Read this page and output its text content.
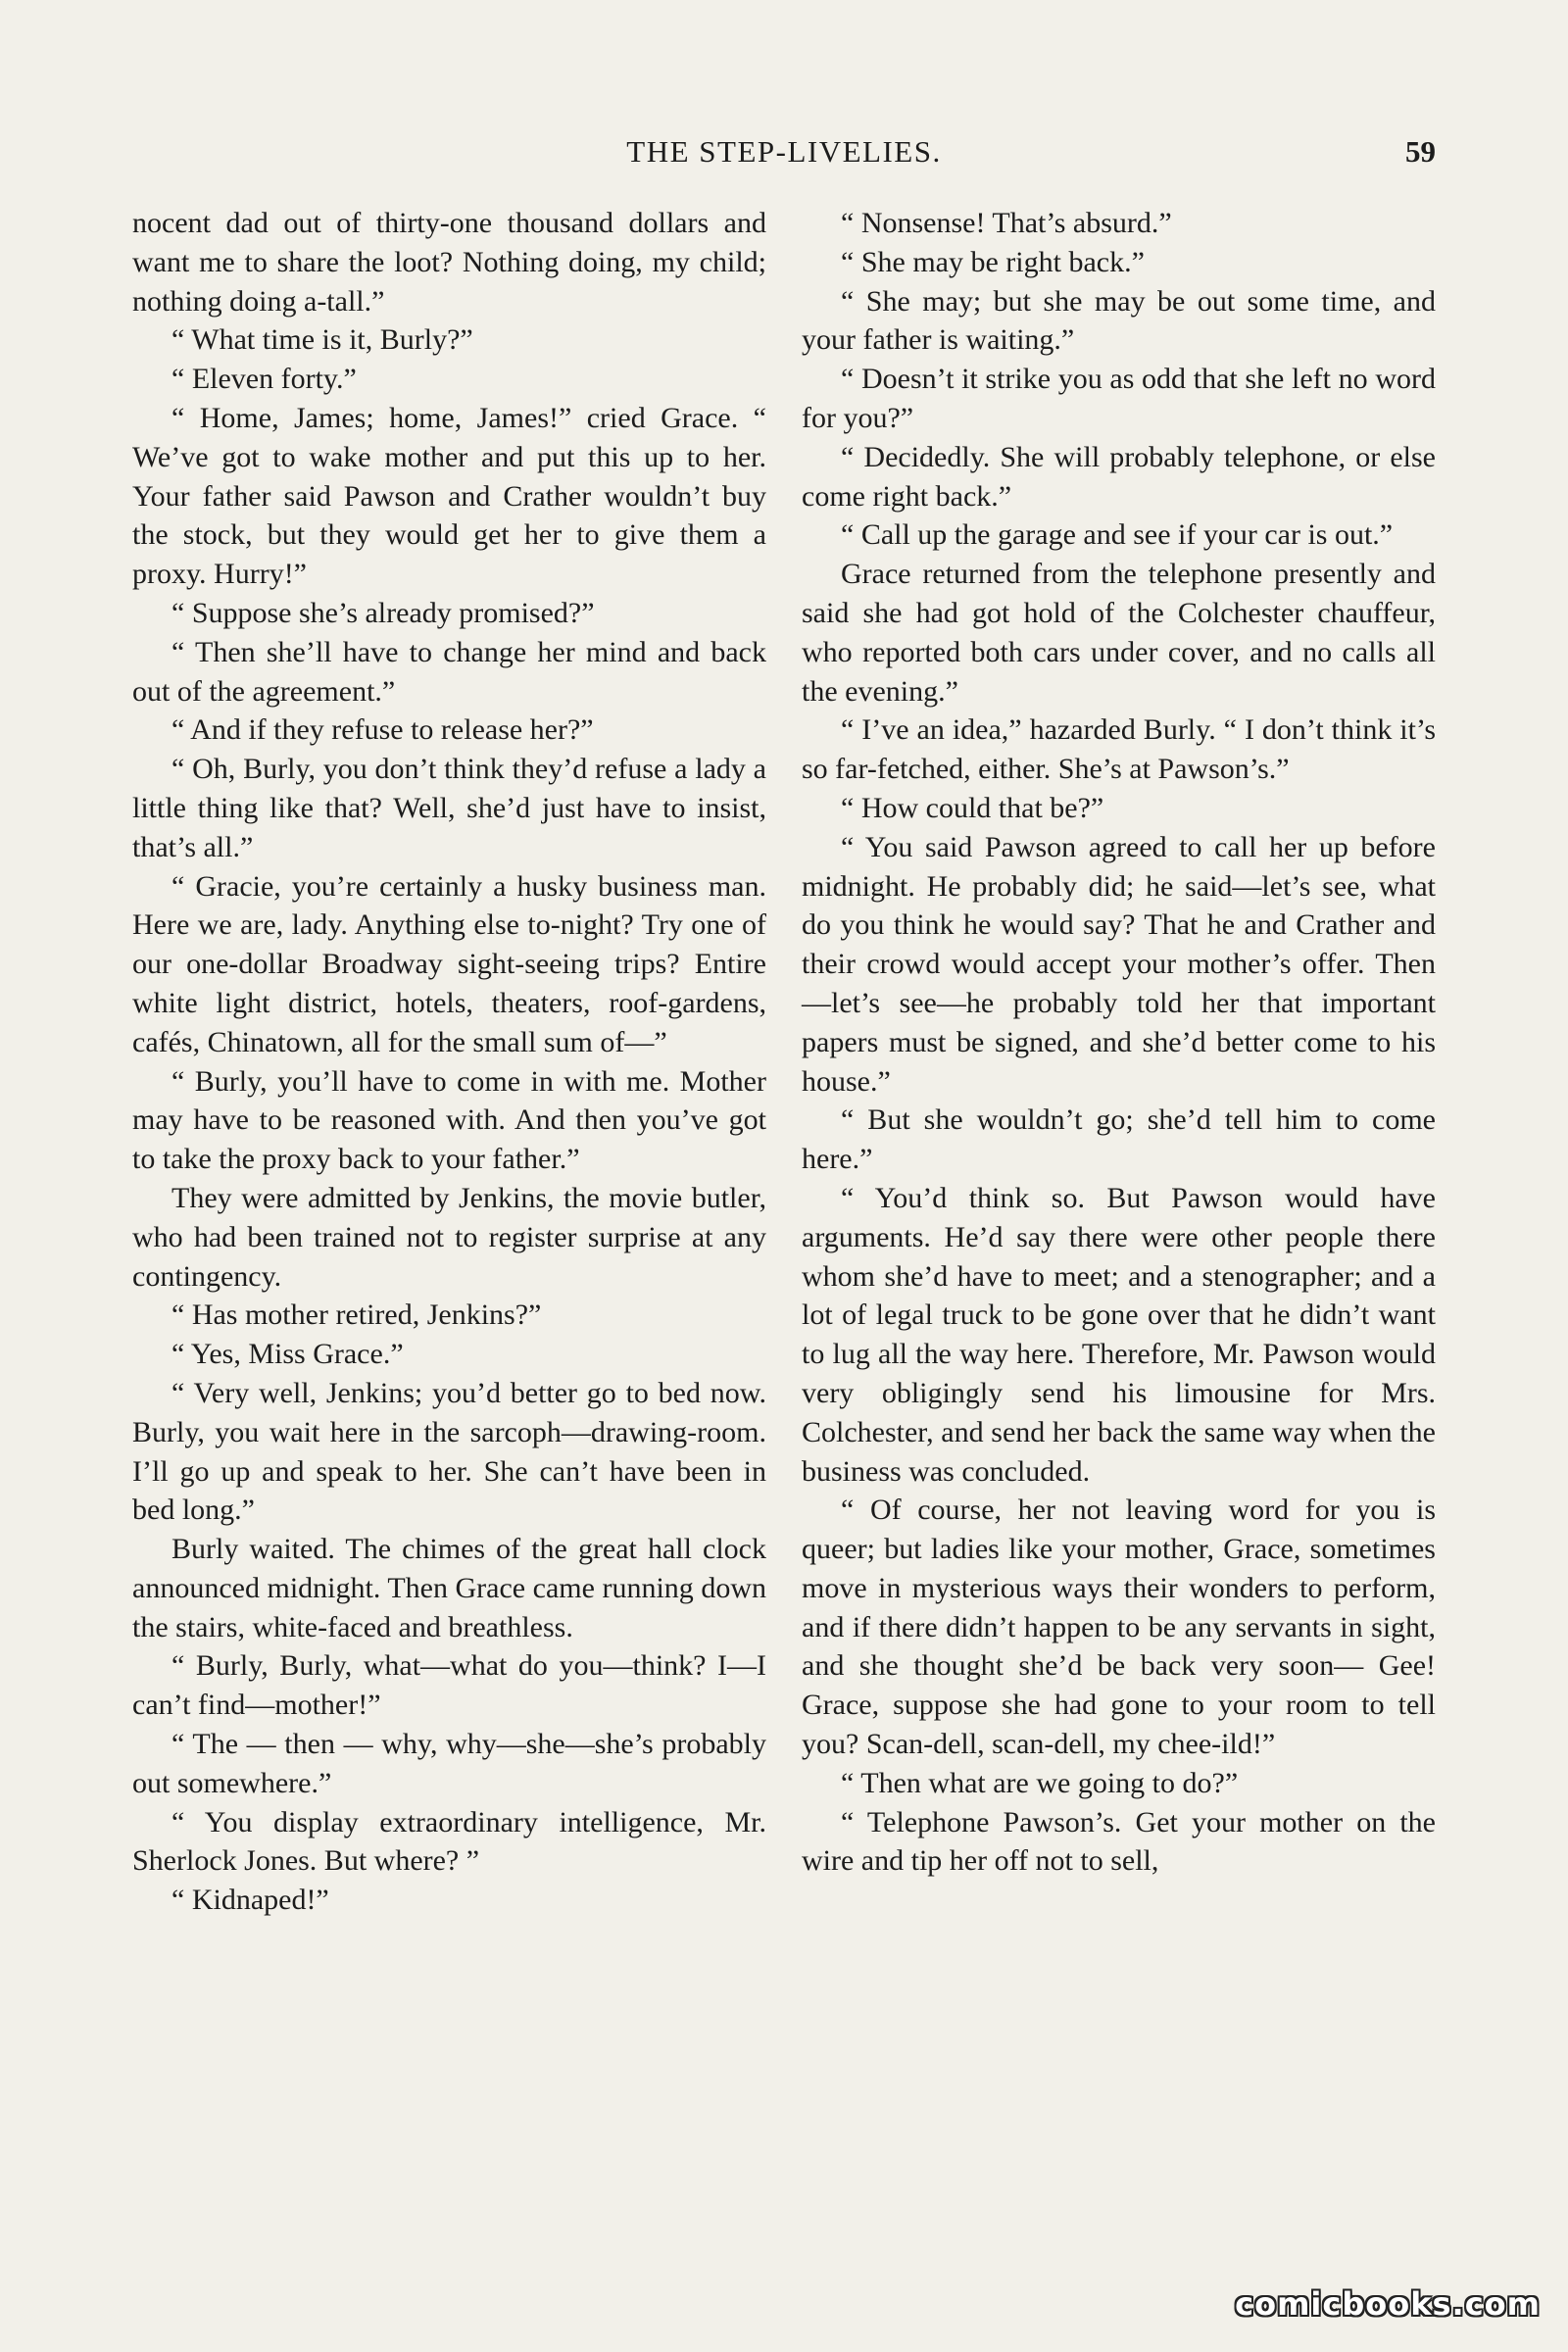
THE STEP-LIVELIES.	59

nocent dad out of thirty-one thousand dollars and want me to share the loot? Nothing doing, my child; nothing doing a-tall.”

“ What time is it, Burly?”

“ Eleven forty.”

“ Home, James; home, James!” cried Grace. “ We’ve got to wake mother and put this up to her. Your father said Pawson and Crather wouldn’t buy the stock, but they would get her to give them a proxy. Hurry!”

“ Suppose she’s already promised?”

“ Then she’ll have to change her mind and back out of the agreement.”

“ And if they refuse to release her?”

“ Oh, Burly, you don’t think they’d refuse a lady a little thing like that? Well, she’d just have to insist, that’s all.”

“ Gracie, you’re certainly a husky business man. Here we are, lady. Anything else to-night? Try one of our one-dollar Broadway sight-seeing trips? Entire white light district, hotels, theaters, roof-gardens, cafés, Chinatown, all for the small sum of—”

“ Burly, you’ll have to come in with me. Mother may have to be reasoned with. And then you’ve got to take the proxy back to your father.”

They were admitted by Jenkins, the movie butler, who had been trained not to register surprise at any contingency.

“ Has mother retired, Jenkins?”

“ Yes, Miss Grace.”

“ Very well, Jenkins; you’d better go to bed now. Burly, you wait here in the sarcoph—drawing-room. I’ll go up and speak to her. She can’t have been in bed long.”

Burly waited. The chimes of the great hall clock announced midnight. Then Grace came running down the stairs, white-faced and breathless.

“ Burly, Burly, what—what do you—think? I—I can’t find—mother!”

“ The — then — why, why—she—she’s probably out somewhere.”

“ You display extraordinary intelligence, Mr. Sherlock Jones. But where? ”

“ Kidnaped!”

“ Nonsense! That’s absurd.”

“ She may be right back.”

“ She may; but she may be out some time, and your father is waiting.”

“ Doesn’t it strike you as odd that she left no word for you?”

“ Decidedly. She will probably telephone, or else come right back.”

“ Call up the garage and see if your car is out.”

Grace returned from the telephone presently and said she had got hold of the Colchester chauffeur, who reported both cars under cover, and no calls all the evening.”

“ I’ve an idea,” hazarded Burly. “ I don’t think it’s so far-fetched, either. She’s at Pawson’s.”

“ How could that be?”

“ You said Pawson agreed to call her up before midnight. He probably did; he said—let’s see, what do you think he would say? That he and Crather and their crowd would accept your mother’s offer. Then—let’s see—he probably told her that important papers must be signed, and she’d better come to his house.”

“ But she wouldn’t go; she’d tell him to come here.”

“ You’d think so. But Pawson would have arguments. He’d say there were other people there whom she’d have to meet; and a stenographer; and a lot of legal truck to be gone over that he didn’t want to lug all the way here. Therefore, Mr. Pawson would very obligingly send his limousine for Mrs. Colchester, and send her back the same way when the business was concluded.

“ Of course, her not leaving word for you is queer; but ladies like your mother, Grace, sometimes move in mysterious ways their wonders to perform, and if there didn’t happen to be any servants in sight, and she thought she’d be back very soon— Gee! Grace, suppose she had gone to your room to tell you? Scan-dell, scan-dell, my chee-ild!”

“ Then what are we going to do?”

“ Telephone Pawson’s. Get your mother on the wire and tip her off not to sell,

comicbooks.com
